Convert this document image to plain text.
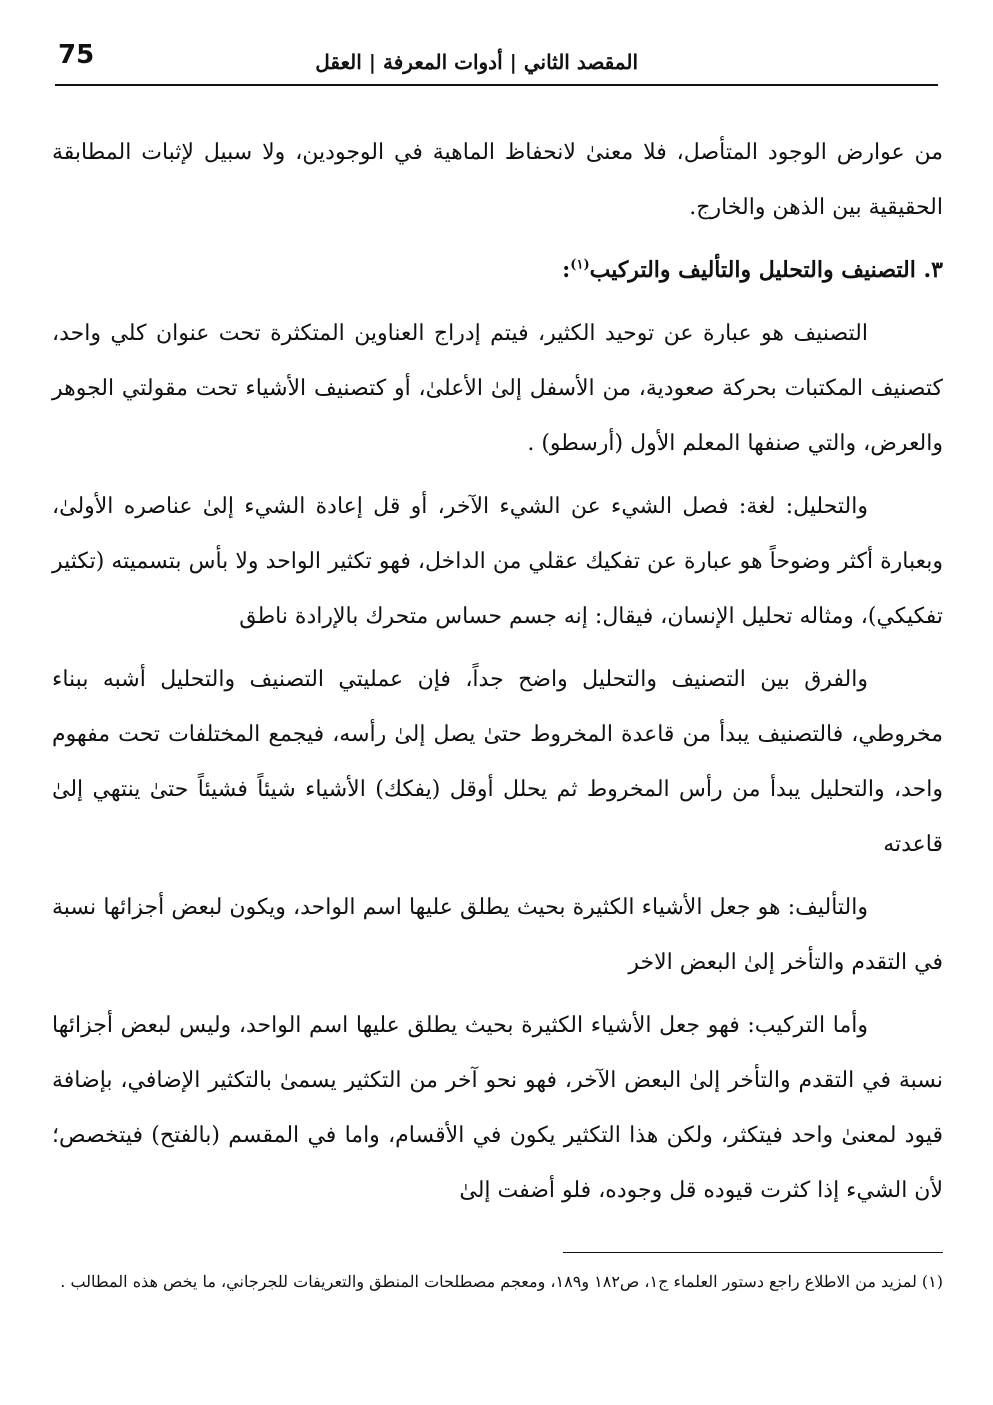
75	المقصد الثاني | أدوات المعرفة | العقل

من عوارض الوجود المتأصل، فلا معنىٰ لانحفاظ الماهية في الوجودين، ولا سبيل لإثبات المطابقة الحقيقية بين الذهن والخارج.

٣. التصنيف والتحليل والتأليف والتركيب$^{(١)}$:

التصنيف هو عبارة عن توحيد الكثير، فيتم إدراج العناوين المتكثرة تحت عنوان كلي واحد، كتصنيف المكتبات بحركة صعودية، من الأسفل إلىٰ الأعلىٰ، أو كتصنيف الأشياء تحت مقولتي الجوهر والعرض، والتي صنفها المعلم الأول (أرسطو) .

والتحليل: لغة: فصل الشيء عن الشيء الآخر، أو قل إعادة الشيء إلىٰ عناصره الأولىٰ، وبعبارة أكثر وضوحاً هو عبارة عن تفكيك عقلي من الداخل، فهو تكثير الواحد ولا بأس بتسميته (تكثير تفكيكي)، ومثاله تحليل الإنسان، فيقال: إنه جسم حساس متحرك بالإرادة ناطق

والفرق بين التصنيف والتحليل واضح جداً، فإن عمليتي التصنيف والتحليل أشبه ببناء مخروطي، فالتصنيف يبدأ من قاعدة المخروط حتىٰ يصل إلىٰ رأسه، فيجمع المختلفات تحت مفهوم واحد، والتحليل يبدأ من رأس المخروط ثم يحلل أوقل (يفكك) الأشياء شيئاً فشيئاً حتىٰ ينتهي إلىٰ قاعدته

والتأليف: هو جعل الأشياء الكثيرة بحيث يطلق عليها اسم الواحد، ويكون لبعض أجزائها نسبة في التقدم والتأخر إلىٰ البعض الاخر

وأما التركيب: فهو جعل الأشياء الكثيرة بحيث يطلق عليها اسم الواحد، وليس لبعض أجزائها نسبة في التقدم والتأخر إلىٰ البعض الآخر، فهو نحو آخر من التكثير يسمىٰ بالتكثير الإضافي، بإضافة قيود لمعنىٰ واحد فيتكثر، ولكن هذا التكثير يكون في الأقسام، واما في المقسم (بالفتح) فيتخصص؛ لأن الشيء إذا كثرت قيوده قل وجوده، فلو أضفت إلىٰ

(١) لمزيد من الاطلاع راجع دستور العلماء ج١، ص١٨٢ و١٨٩، ومعجم مصطلحات المنطق والتعريفات للجرجاني، ما يخص هذه المطالب .
